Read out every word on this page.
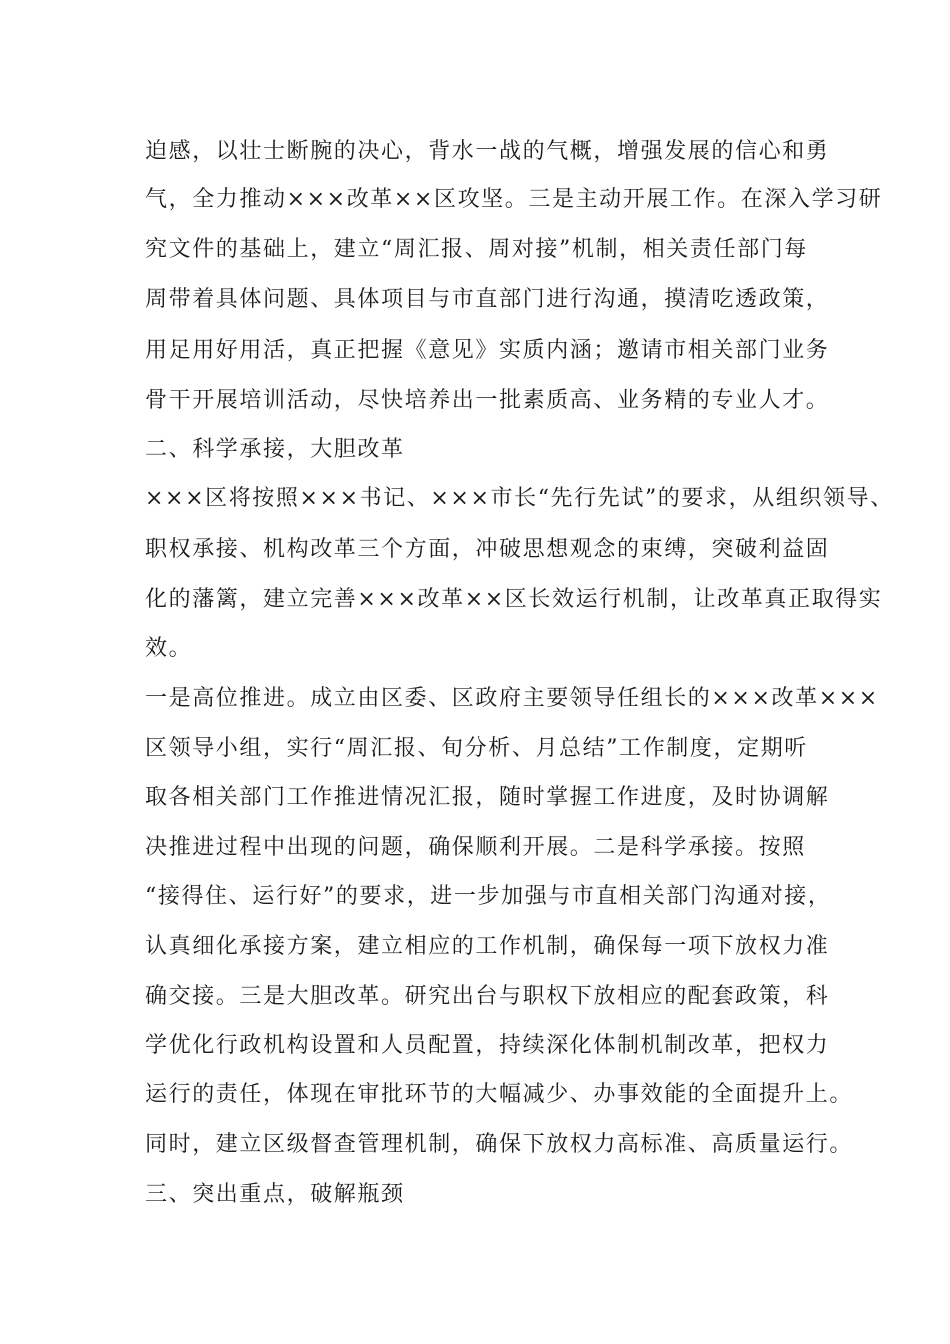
迫感，以壮士断腕的决心，背水一战的气概，增强发展的信心和勇
气，全力推动×××改革××区攻坚。三是主动开展工作。在深入学习研
究文件的基础上，建立“周汇报、周对接”机制，相关责任部门每
周带着具体问题、具体项目与市直部门进行沟通，摸清吃透政策，
用足用好用活，真正把握《意见》实质内涵；邀请市相关部门业务
骨干开展培训活动，尽快培养出一批素质高、业务精的专业人才。
二、科学承接，大胆改革
×××区将按照×××书记、×××市长“先行先试”的要求，从组织领导、
职权承接、机构改革三个方面，冲破思想观念的束缚，突破利益固
化的藩篱，建立完善×××改革××区长效运行机制，让改革真正取得实
效。
一是高位推进。成立由区委、区政府主要领导任组长的×××改革×××
区领导小组，实行“周汇报、旬分析、月总结”工作制度，定期听
取各相关部门工作推进情况汇报，随时掌握工作进度，及时协调解
决推进过程中出现的问题，确保顺利开展。二是科学承接。按照
“接得住、运行好”的要求，进一步加强与市直相关部门沟通对接，
认真细化承接方案，建立相应的工作机制，确保每一项下放权力准
确交接。三是大胆改革。研究出台与职权下放相应的配套政策，科
学优化行政机构设置和人员配置，持续深化体制机制改革，把权力
运行的责任，体现在审批环节的大幅减少、办事效能的全面提升上。
同时，建立区级督查管理机制，确保下放权力高标准、高质量运行。
三、突出重点，破解瓶颈
